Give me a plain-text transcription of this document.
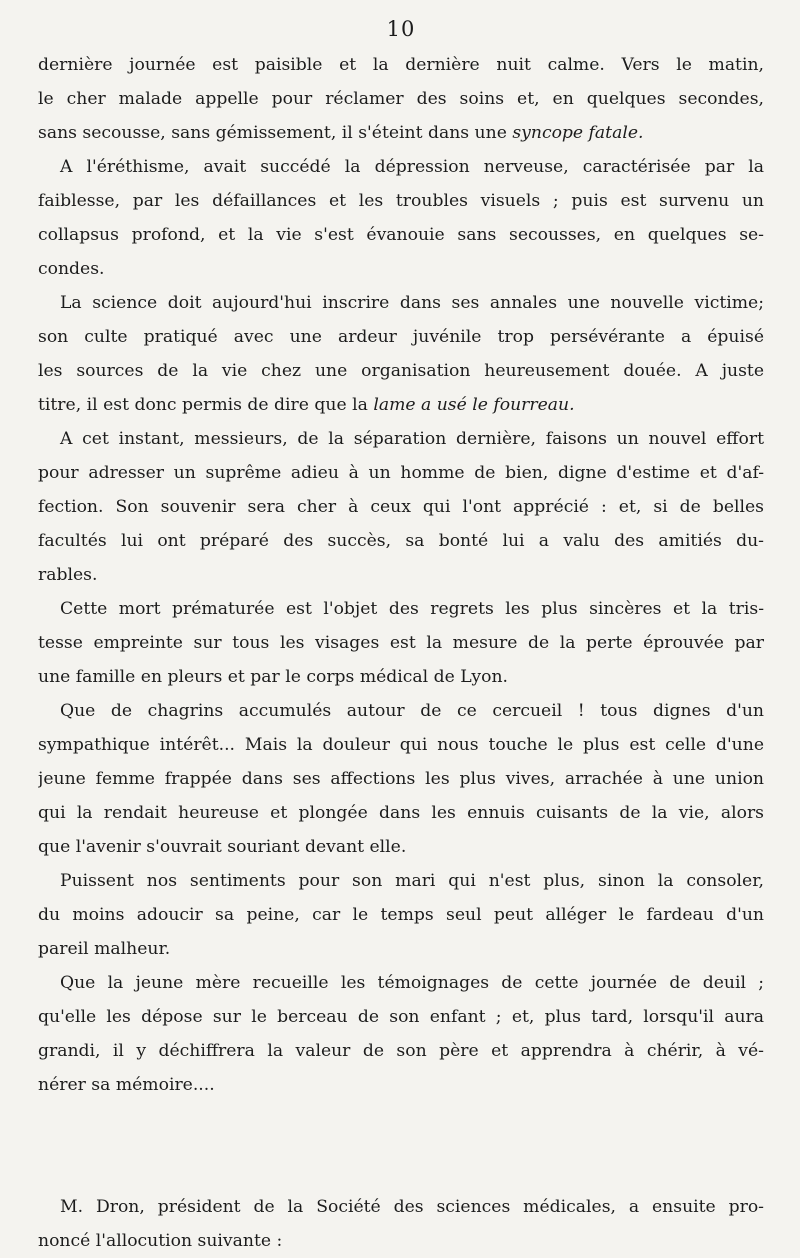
10

dernière journée est paisible et la dernière nuit calme. Vers le matin,
le cher malade appelle pour réclamer des soins et, en quelques secondes,
sans secousse, sans gémissement, il s'éteint dans une syncope fatale.

A l'éréthisme, avait succédé la dépression nerveuse, caractérisée par la
faiblesse, par les défaillances et les troubles visuels ; puis est survenu un
collapsus profond, et la vie s'est évanouie sans secousses, en quelques se-
condes.

La science doit aujourd'hui inscrire dans ses annales une nouvelle victime;
son culte pratiqué avec une ardeur juvénile trop persévérante a épuisé
les sources de la vie chez une organisation heureusement douée. A juste
titre, il est donc permis de dire que la lame a usé le fourreau.

A cet instant, messieurs, de la séparation dernière, faisons un nouvel effort
pour adresser un suprême adieu à un homme de bien, digne d'estime et d'af-
fection. Son souvenir sera cher à ceux qui l'ont apprécié : et, si de belles
facultés lui ont préparé des succès, sa bonté lui a valu des amitiés du-
rables.

Cette mort prématurée est l'objet des regrets les plus sincères et la tris-
tesse empreinte sur tous les visages est la mesure de la perte éprouvée par
une famille en pleurs et par le corps médical de Lyon.

Que de chagrins accumulés autour de ce cercueil ! tous dignes d'un
sympathique intérêt... Mais la douleur qui nous touche le plus est celle d'une
jeune femme frappée dans ses affections les plus vives, arrachée à une union
qui la rendait heureuse et plongée dans les ennuis cuisants de la vie, alors
que l'avenir s'ouvrait souriant devant elle.

Puissent nos sentiments pour son mari qui n'est plus, sinon la consoler,
du moins adoucir sa peine, car le temps seul peut alléger le fardeau d'un
pareil malheur.

Que la jeune mère recueille les témoignages de cette journée de deuil ;
qu'elle les dépose sur le berceau de son enfant ; et, plus tard, lorsqu'il aura
grandi, il y déchiffrera la valeur de son père et apprendra à chérir, à vé-
nérer sa mémoire....

M. Dron, président de la Société des sciences médicales, a ensuite pro-
noncé l'allocution suivante :
